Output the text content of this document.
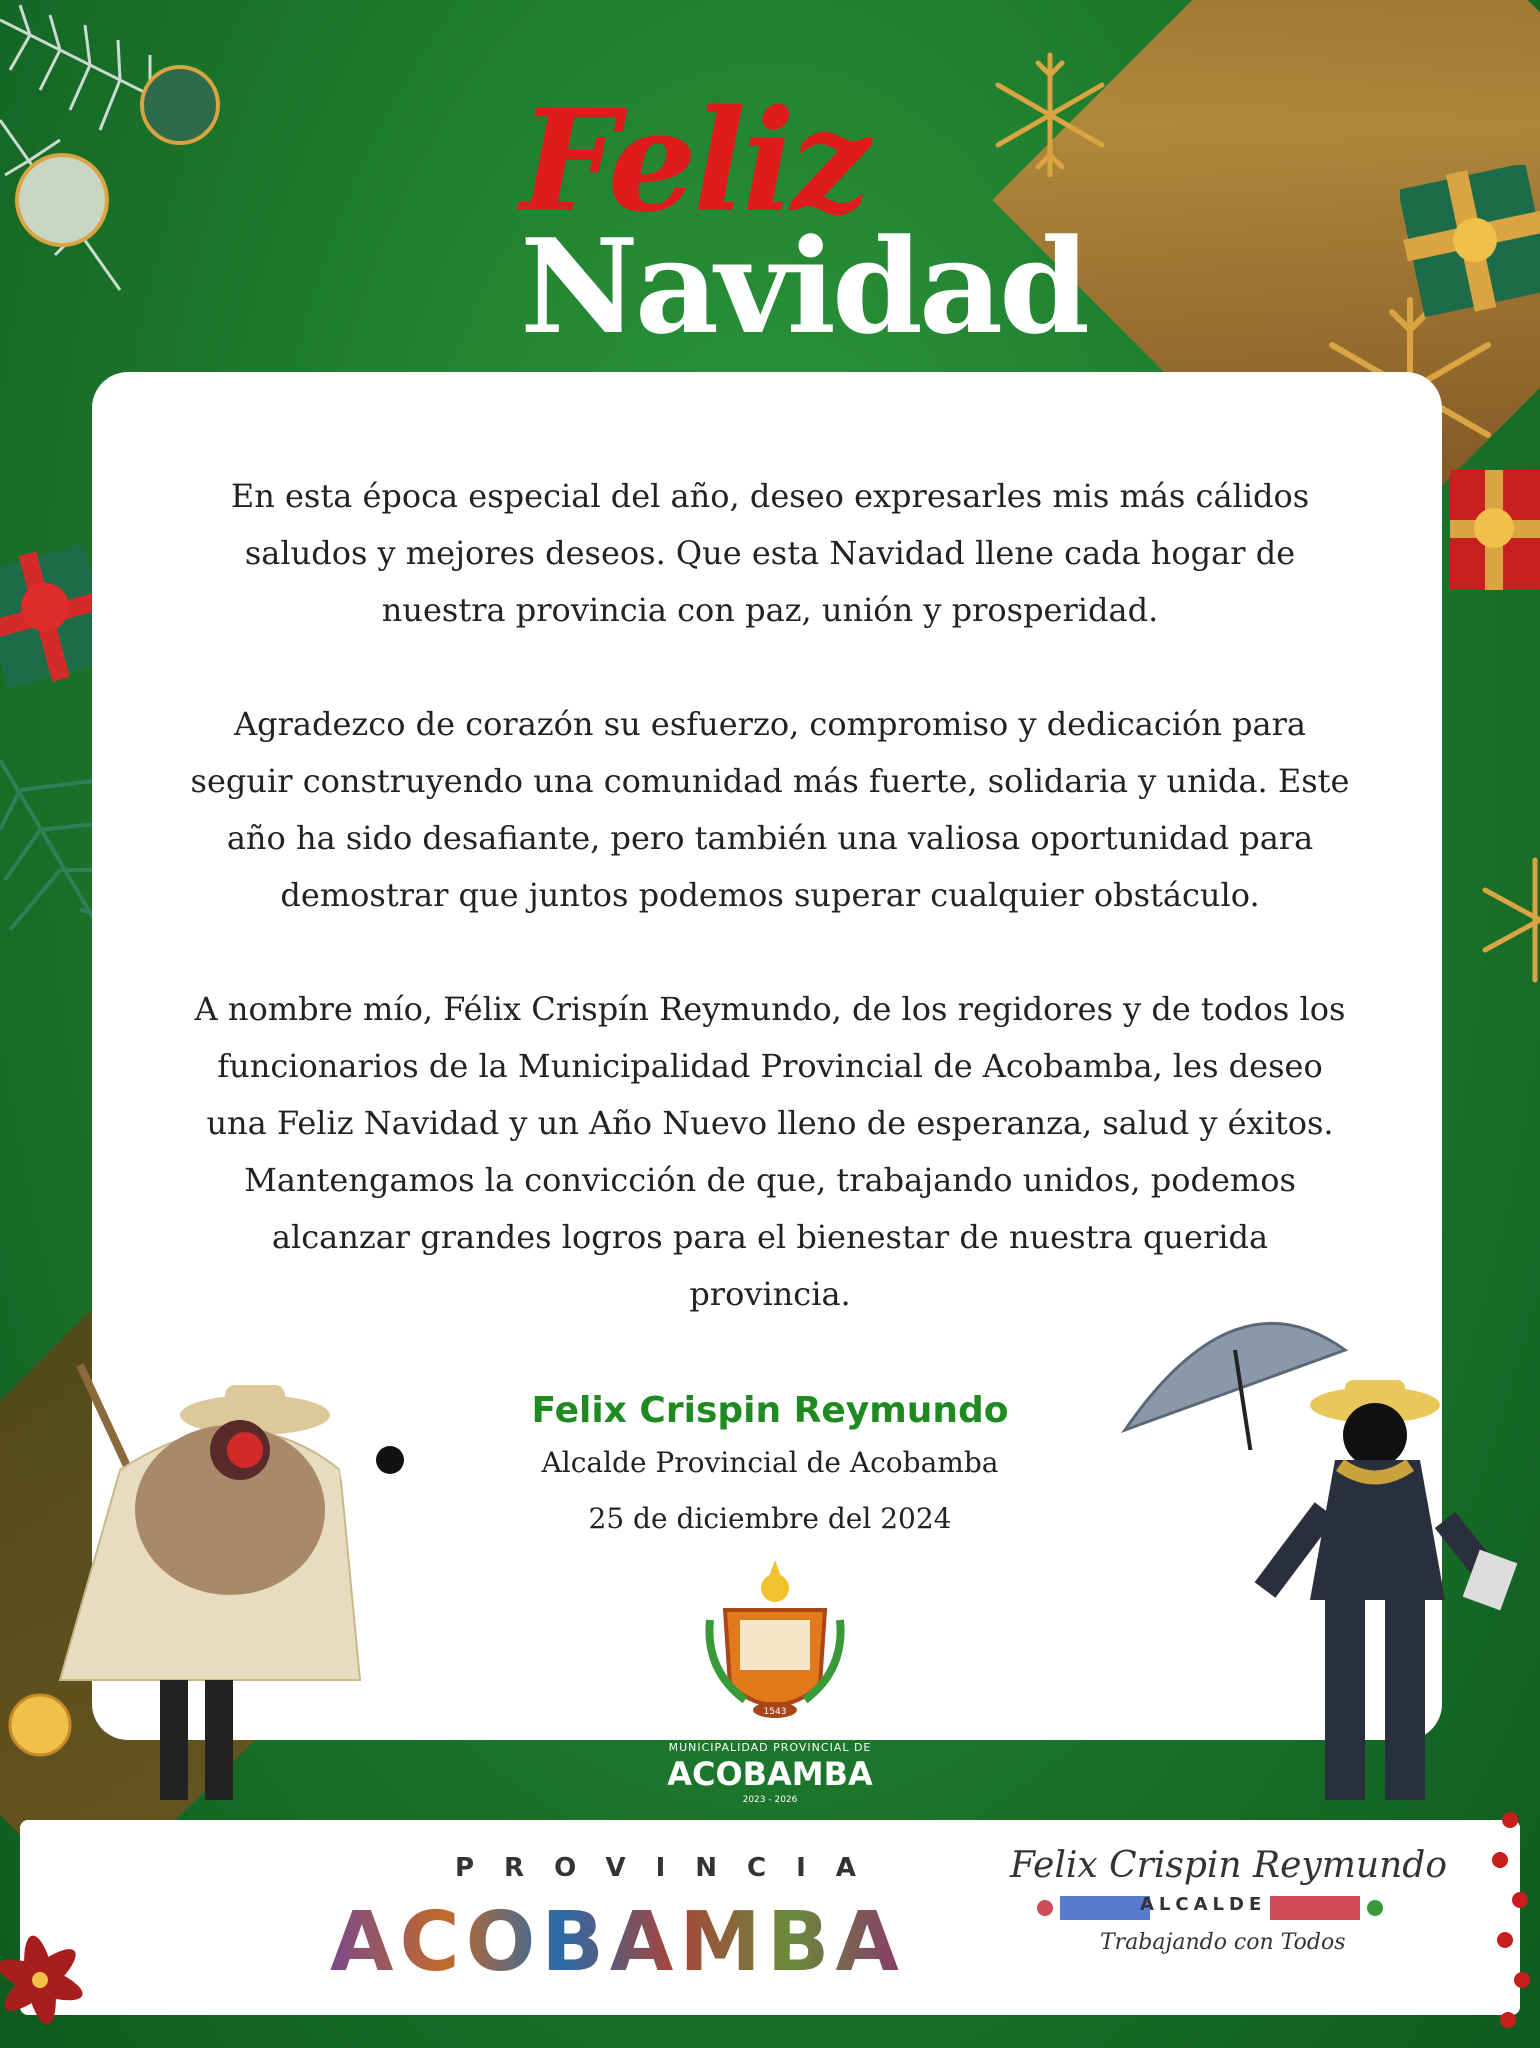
Feliz
Navidad

En esta época especial del año, deseo expresarles mis más cálidos saludos y mejores deseos. Que esta Navidad llene cada hogar de nuestra provincia con paz, unión y prosperidad.

Agradezco de corazón su esfuerzo, compromiso y dedicación para seguir construyendo una comunidad más fuerte, solidaria y unida. Este año ha sido desafiante, pero también una valiosa oportunidad para demostrar que juntos podemos superar cualquier obstáculo.

A nombre mío, Félix Crispín Reymundo, de los regidores y de todos los funcionarios de la Municipalidad Provincial de Acobamba, les deseo una Feliz Navidad y un Año Nuevo lleno de esperanza, salud y éxitos. Mantengamos la convicción de que, trabajando unidos, podemos alcanzar grandes logros para el bienestar de nuestra querida provincia.

Felix Crispin Reymundo
Alcalde Provincial de Acobamba
25 de diciembre del 2024
1543
MUNICIPALIDAD PROVINCIAL DE
ACOBAMBA
2023 - 2026
PROVINCIA
ACOBAMBA
Felix Crispin Reymundo
ALCALDE
Trabajando con Todos
